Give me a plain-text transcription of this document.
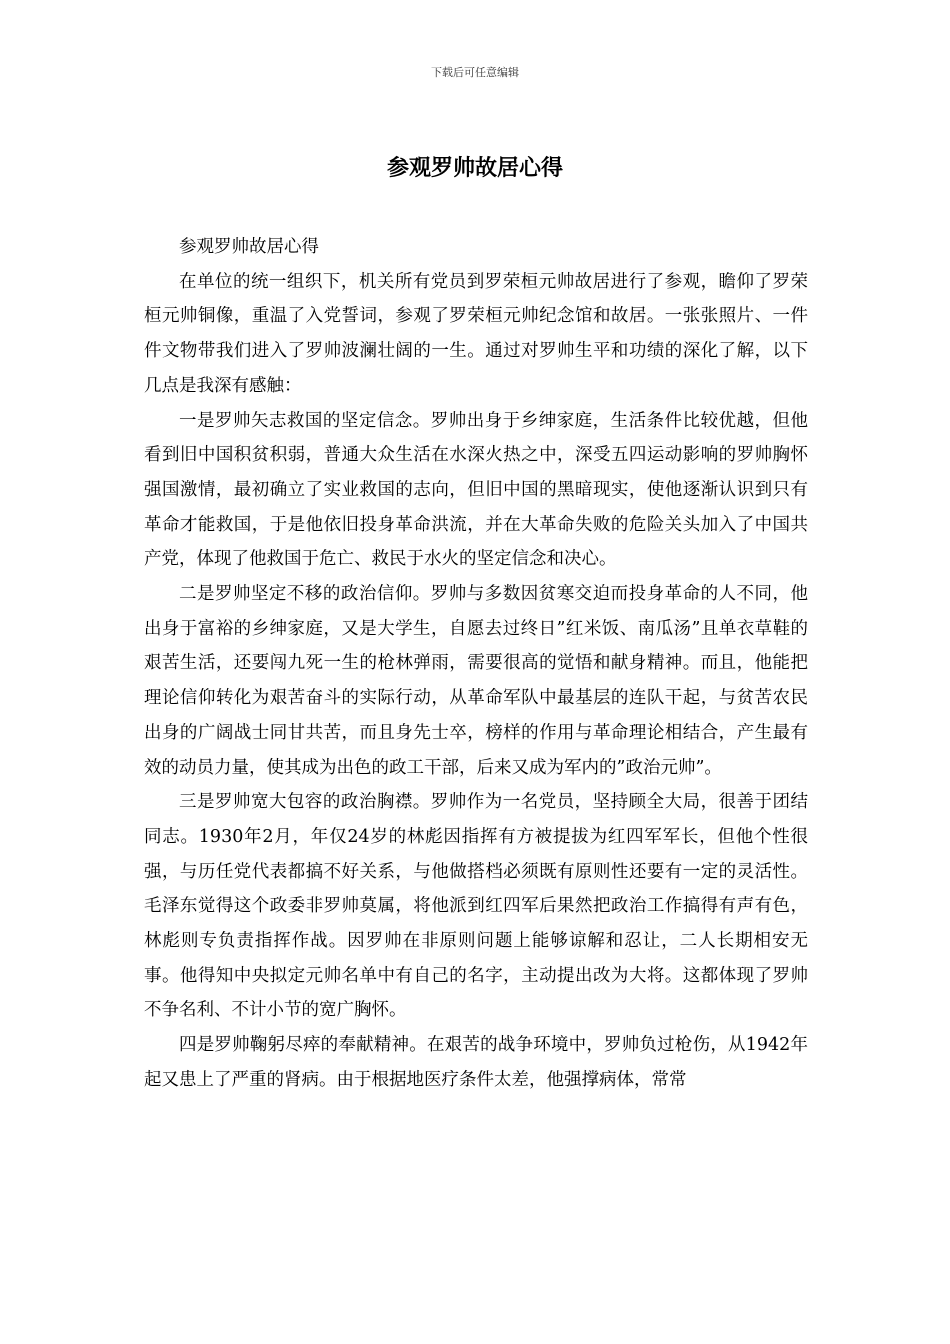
下载后可任意编辑
参观罗帅故居心得

参观罗帅故居心得

在单位的统一组织下，机关所有党员到罗荣桓元帅故居进行了参观，瞻仰了罗荣桓元帅铜像，重温了入党誓词，参观了罗荣桓元帅纪念馆和故居。一张张照片、一件件文物带我们进入了罗帅波澜壮阔的一生。通过对罗帅生平和功绩的深化了解，以下几点是我深有感触：

一是罗帅矢志救国的坚定信念。罗帅出身于乡绅家庭，生活条件比较优越，但他看到旧中国积贫积弱，普通大众生活在水深火热之中，深受五四运动影响的罗帅胸怀强国激情，最初确立了实业救国的志向，但旧中国的黑暗现实，使他逐渐认识到只有革命才能救国，于是他依旧投身革命洪流，并在大革命失败的危险关头加入了中国共产党，体现了他救国于危亡、救民于水火的坚定信念和决心。

二是罗帅坚定不移的政治信仰。罗帅与多数因贫寒交迫而投身革命的人不同，他出身于富裕的乡绅家庭，又是大学生，自愿去过终日”红米饭、南瓜汤”且单衣草鞋的艰苦生活，还要闯九死一生的枪林弹雨，需要很高的觉悟和献身精神。而且，他能把理论信仰转化为艰苦奋斗的实际行动，从革命军队中最基层的连队干起，与贫苦农民出身的广阔战士同甘共苦，而且身先士卒，榜样的作用与革命理论相结合，产生最有效的动员力量，使其成为出色的政工干部，后来又成为军内的”政治元帅”。

三是罗帅宽大包容的政治胸襟。罗帅作为一名党员，坚持顾全大局，很善于团结同志。1930年2月，年仅24岁的林彪因指挥有方被提拔为红四军军长，但他个性很强，与历任党代表都搞不好关系，与他做搭档必须既有原则性还要有一定的灵活性。毛泽东觉得这个政委非罗帅莫属，将他派到红四军后果然把政治工作搞得有声有色，林彪则专负责指挥作战。因罗帅在非原则问题上能够谅解和忍让，二人长期相安无事。他得知中央拟定元帅名单中有自己的名字，主动提出改为大将。这都体现了罗帅不争名利、不计小节的宽广胸怀。

四是罗帅鞠躬尽瘁的奉献精神。在艰苦的战争环境中，罗帅负过枪伤，从1942年起又患上了严重的肾病。由于根据地医疗条件太差，他强撑病体，常常
